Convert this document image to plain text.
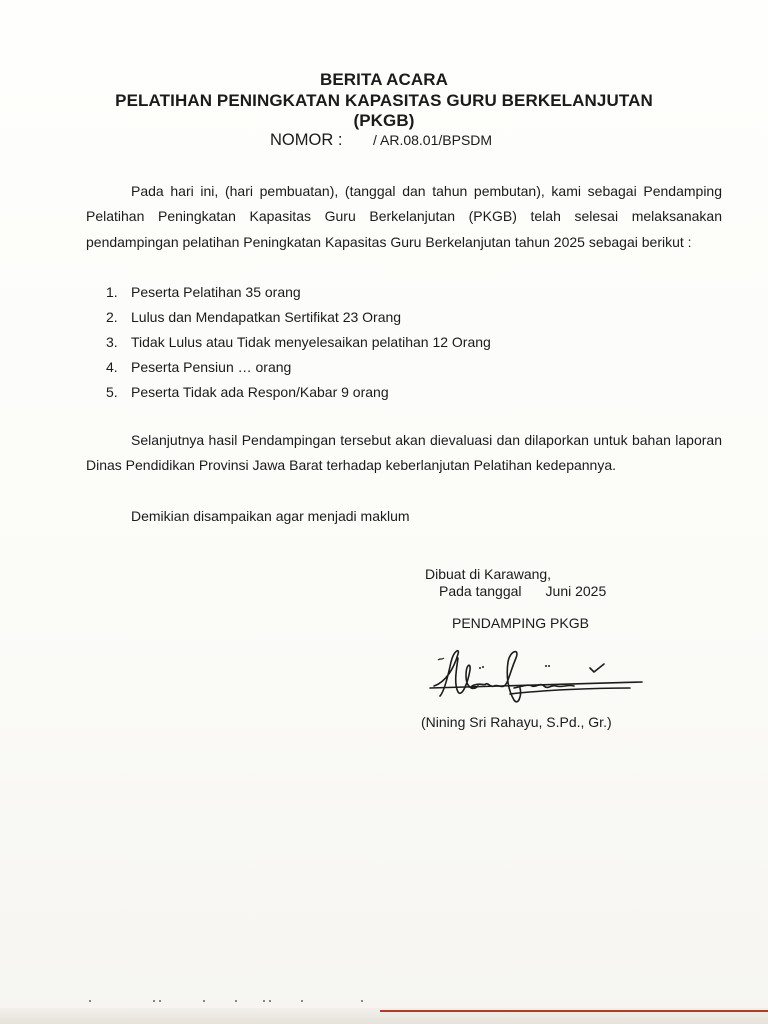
BERITA ACARA
PELATIHAN PENINGKATAN KAPASITAS GURU BERKELANJUTAN
(PKGB)
NOMOR : / AR.08.01/BPSDM
Pada hari ini, (hari pembuatan), (tanggal dan tahun pembutan), kami sebagai Pendamping Pelatihan Peningkatan Kapasitas Guru Berkelanjutan (PKGB) telah selesai melaksanakan pendampingan pelatihan Peningkatan Kapasitas Guru Berkelanjutan tahun 2025 sebagai berikut :
1. Peserta Pelatihan 35 orang
2. Lulus dan Mendapatkan Sertifikat 23 Orang
3. Tidak Lulus atau Tidak menyelesaikan pelatihan 12 Orang
4. Peserta Pensiun … orang
5. Peserta Tidak ada Respon/Kabar 9 orang
Selanjutnya hasil Pendampingan tersebut akan dievaluasi dan dilaporkan untuk bahan laporan Dinas Pendidikan Provinsi Jawa Barat terhadap keberlanjutan Pelatihan kedepannya.
Demikian disampaikan agar menjadi maklum
Dibuat di Karawang,
Pada tanggal Juni 2025
PENDAMPING PKGB
(Nining Sri Rahayu, S.Pd., Gr.)
